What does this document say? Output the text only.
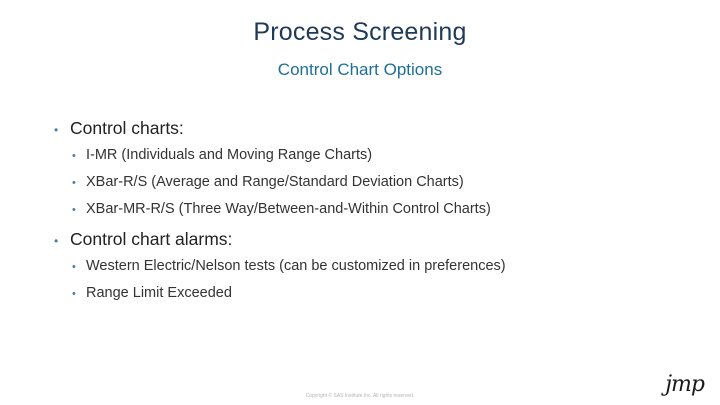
Process Screening
Control Chart Options
• Control charts:
• I-MR (Individuals and Moving Range Charts)
• XBar-R/S (Average and Range/Standard Deviation Charts)
• XBar-MR-R/S (Three Way/Between-and-Within Control Charts)
• Control chart alarms:
• Western Electric/Nelson tests (can be customized in preferences)
• Range Limit Exceeded
Copyright © SAS Institute Inc. All rights reserved.	jmp
